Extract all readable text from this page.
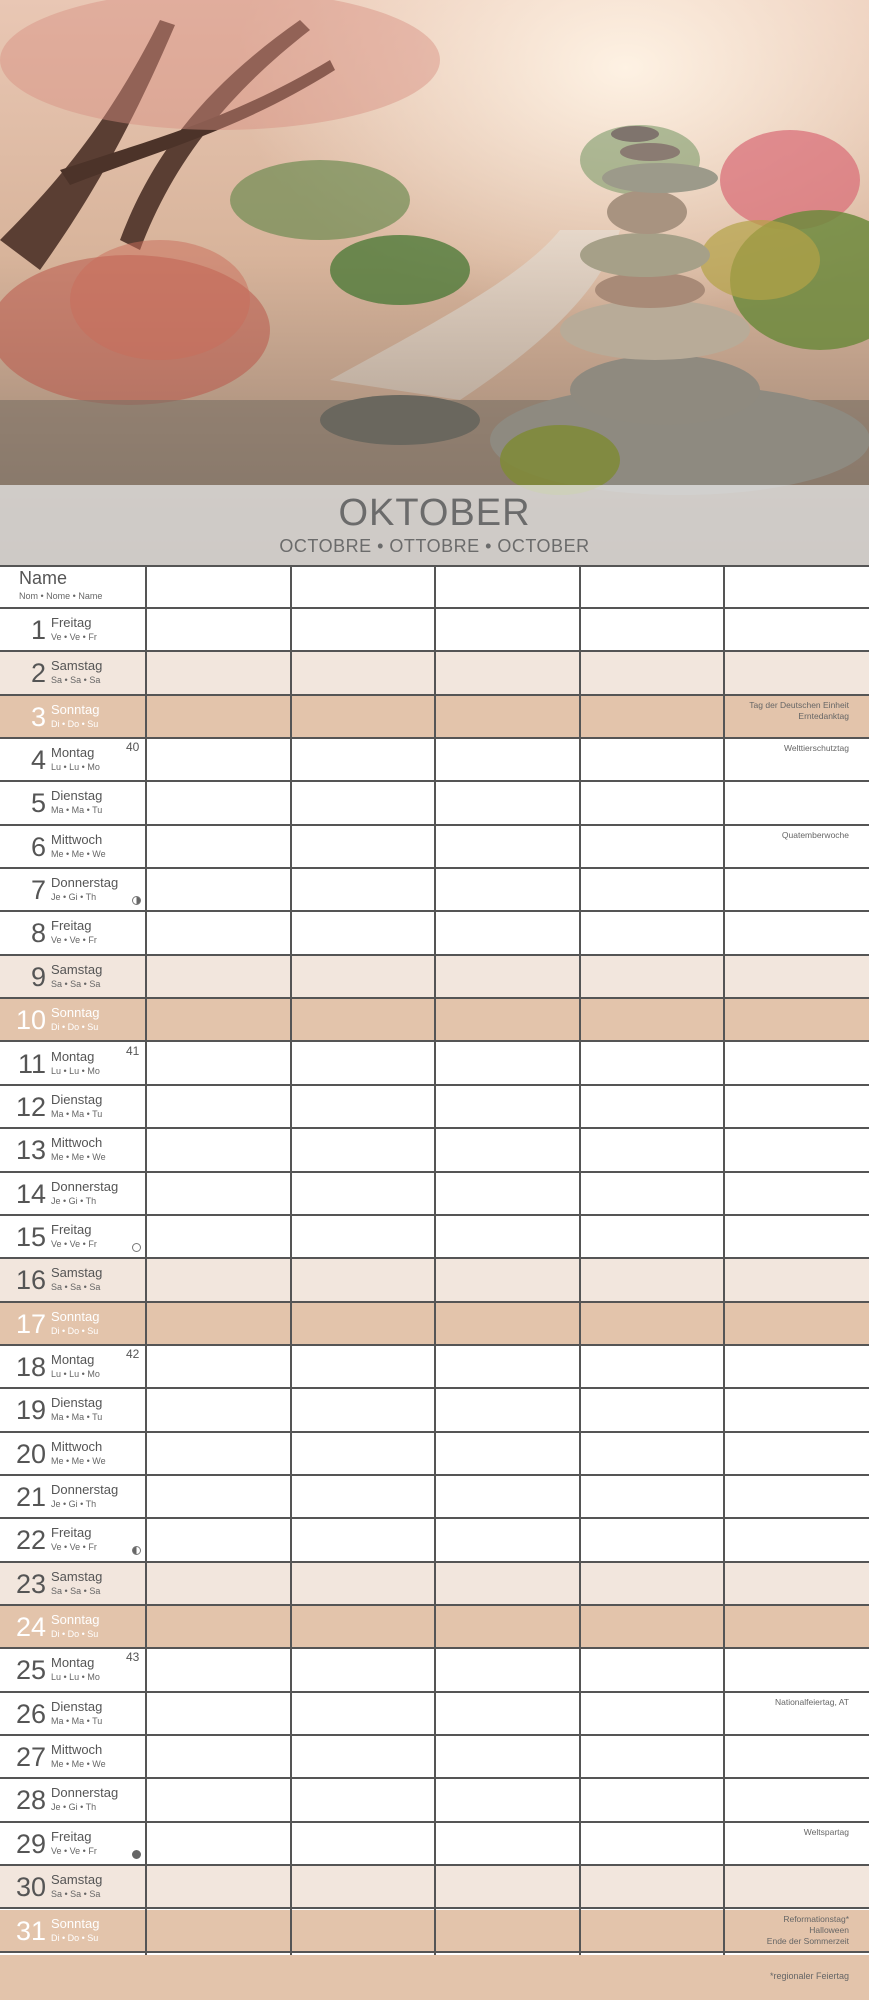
OKTOBER
OCTOBRE • OTTOBRE • OCTOBER
Name
Nom • Nome • Name
1 Freitag
Ve • Ve • Fr
2 Samstag
Sa • Sa • Sa
3 Sonntag
Di • Do • Su
Tag der Deutschen Einheit
Erntedanktag
4 Montag
Lu • Lu • Mo
40	Welttierschutztag
5 Dienstag
Ma • Ma • Tu
6 Mittwoch
Me • Me • We
Quatemberwoche
7 Donnerstag
Je • Gi • Th
8 Freitag
Ve • Ve • Fr
9 Samstag
Sa • Sa • Sa
10 Sonntag
Di • Do • Su
11 Montag
Lu • Lu • Mo
41
12 Dienstag
Ma • Ma • Tu
13 Mittwoch
Me • Me • We
14 Donnerstag
Je • Gi • Th
15 Freitag
Ve • Ve • Fr
16 Samstag
Sa • Sa • Sa
17 Sonntag
Di • Do • Su
18 Montag
Lu • Lu • Mo
42
19 Dienstag
Ma • Ma • Tu
20 Mittwoch
Me • Me • We
21 Donnerstag
Je • Gi • Th
22 Freitag
Ve • Ve • Fr
23 Samstag
Sa • Sa • Sa
24 Sonntag
Di • Do • Su
25 Montag
Lu • Lu • Mo
43
26 Dienstag
Ma • Ma • Tu
Nationalfeiertag, AT
27 Mittwoch
Me • Me • We
28 Donnerstag
Je • Gi • Th
29 Freitag
Ve • Ve • Fr
Weltspartag
30 Samstag
Sa • Sa • Sa
31 Sonntag
Di • Do • Su
Reformationstag*
Halloween
Ende der Sommerzeit
*regionaler Feiertag
